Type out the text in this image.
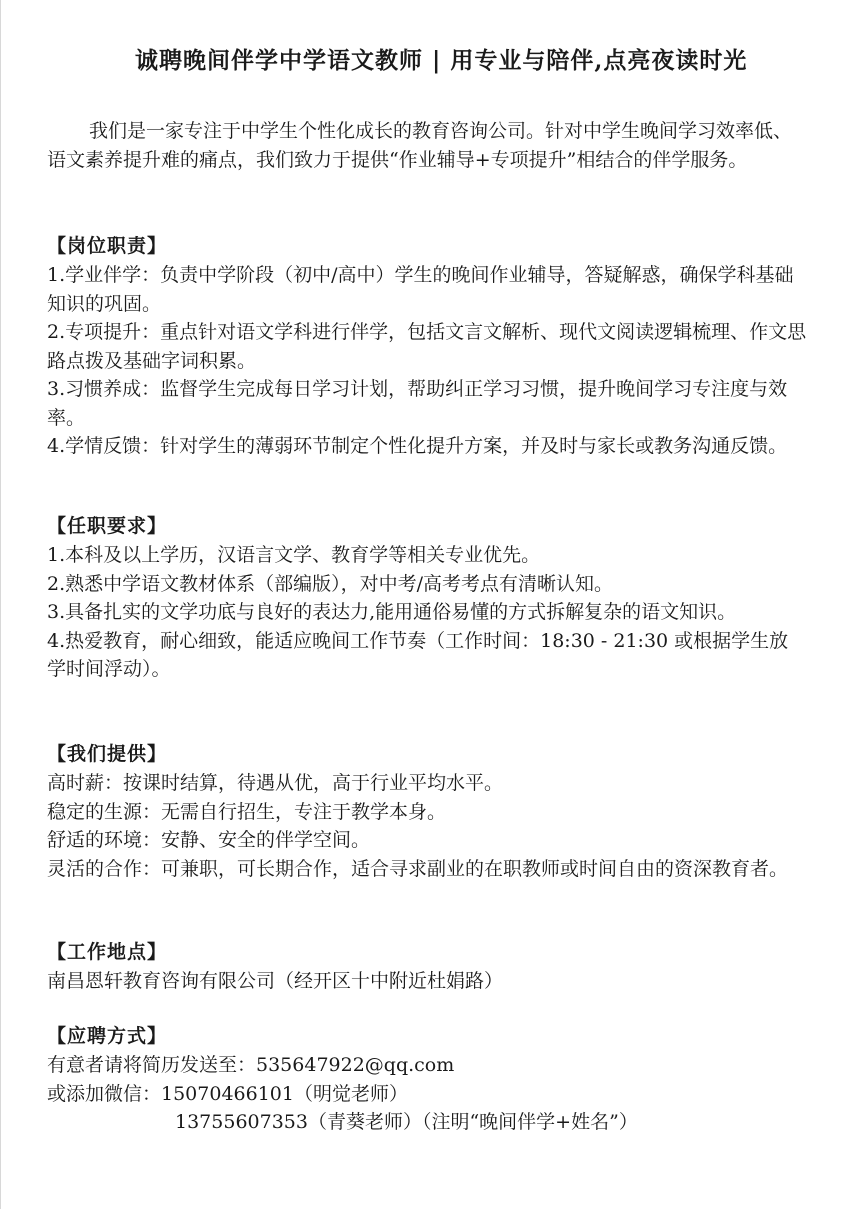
诚聘晚间伴学中学语文教师 | 用专业与陪伴,点亮夜读时光
我们是一家专注于中学生个性化成长的教育咨询公司。针对中学生晚间学习效率低、语文素养提升难的痛点，我们致力于提供“作业辅导+专项提升”相结合的伴学服务。
【岗位职责】
1.学业伴学：负责中学阶段（初中/高中）学生的晚间作业辅导，答疑解惑，确保学科基础知识的巩固。
2.专项提升：重点针对语文学科进行伴学，包括文言文解析、现代文阅读逻辑梳理、作文思路点拨及基础字词积累。
3.习惯养成：监督学生完成每日学习计划，帮助纠正学习习惯，提升晚间学习专注度与效率。
4.学情反馈：针对学生的薄弱环节制定个性化提升方案，并及时与家长或教务沟通反馈。
【任职要求】
1.本科及以上学历，汉语言文学、教育学等相关专业优先。
2.熟悉中学语文教材体系（部编版），对中考/高考考点有清晰认知。
3.具备扎实的文学功底与良好的表达力,能用通俗易懂的方式拆解复杂的语文知识。
4.热爱教育，耐心细致，能适应晚间工作节奏（工作时间：18:30 - 21:30 或根据学生放学时间浮动）。
【我们提供】
高时薪：按课时结算，待遇从优，高于行业平均水平。
稳定的生源：无需自行招生，专注于教学本身。
舒适的环境：安静、安全的伴学空间。
灵活的合作：可兼职，可长期合作，适合寻求副业的在职教师或时间自由的资深教育者。
【工作地点】
南昌恩轩教育咨询有限公司（经开区十中附近杜娟路）
【应聘方式】
有意者请将简历发送至：535647922@qq.com
或添加微信：15070466101（明觉老师）
13755607353（青葵老师）（注明“晚间伴学+姓名”）
